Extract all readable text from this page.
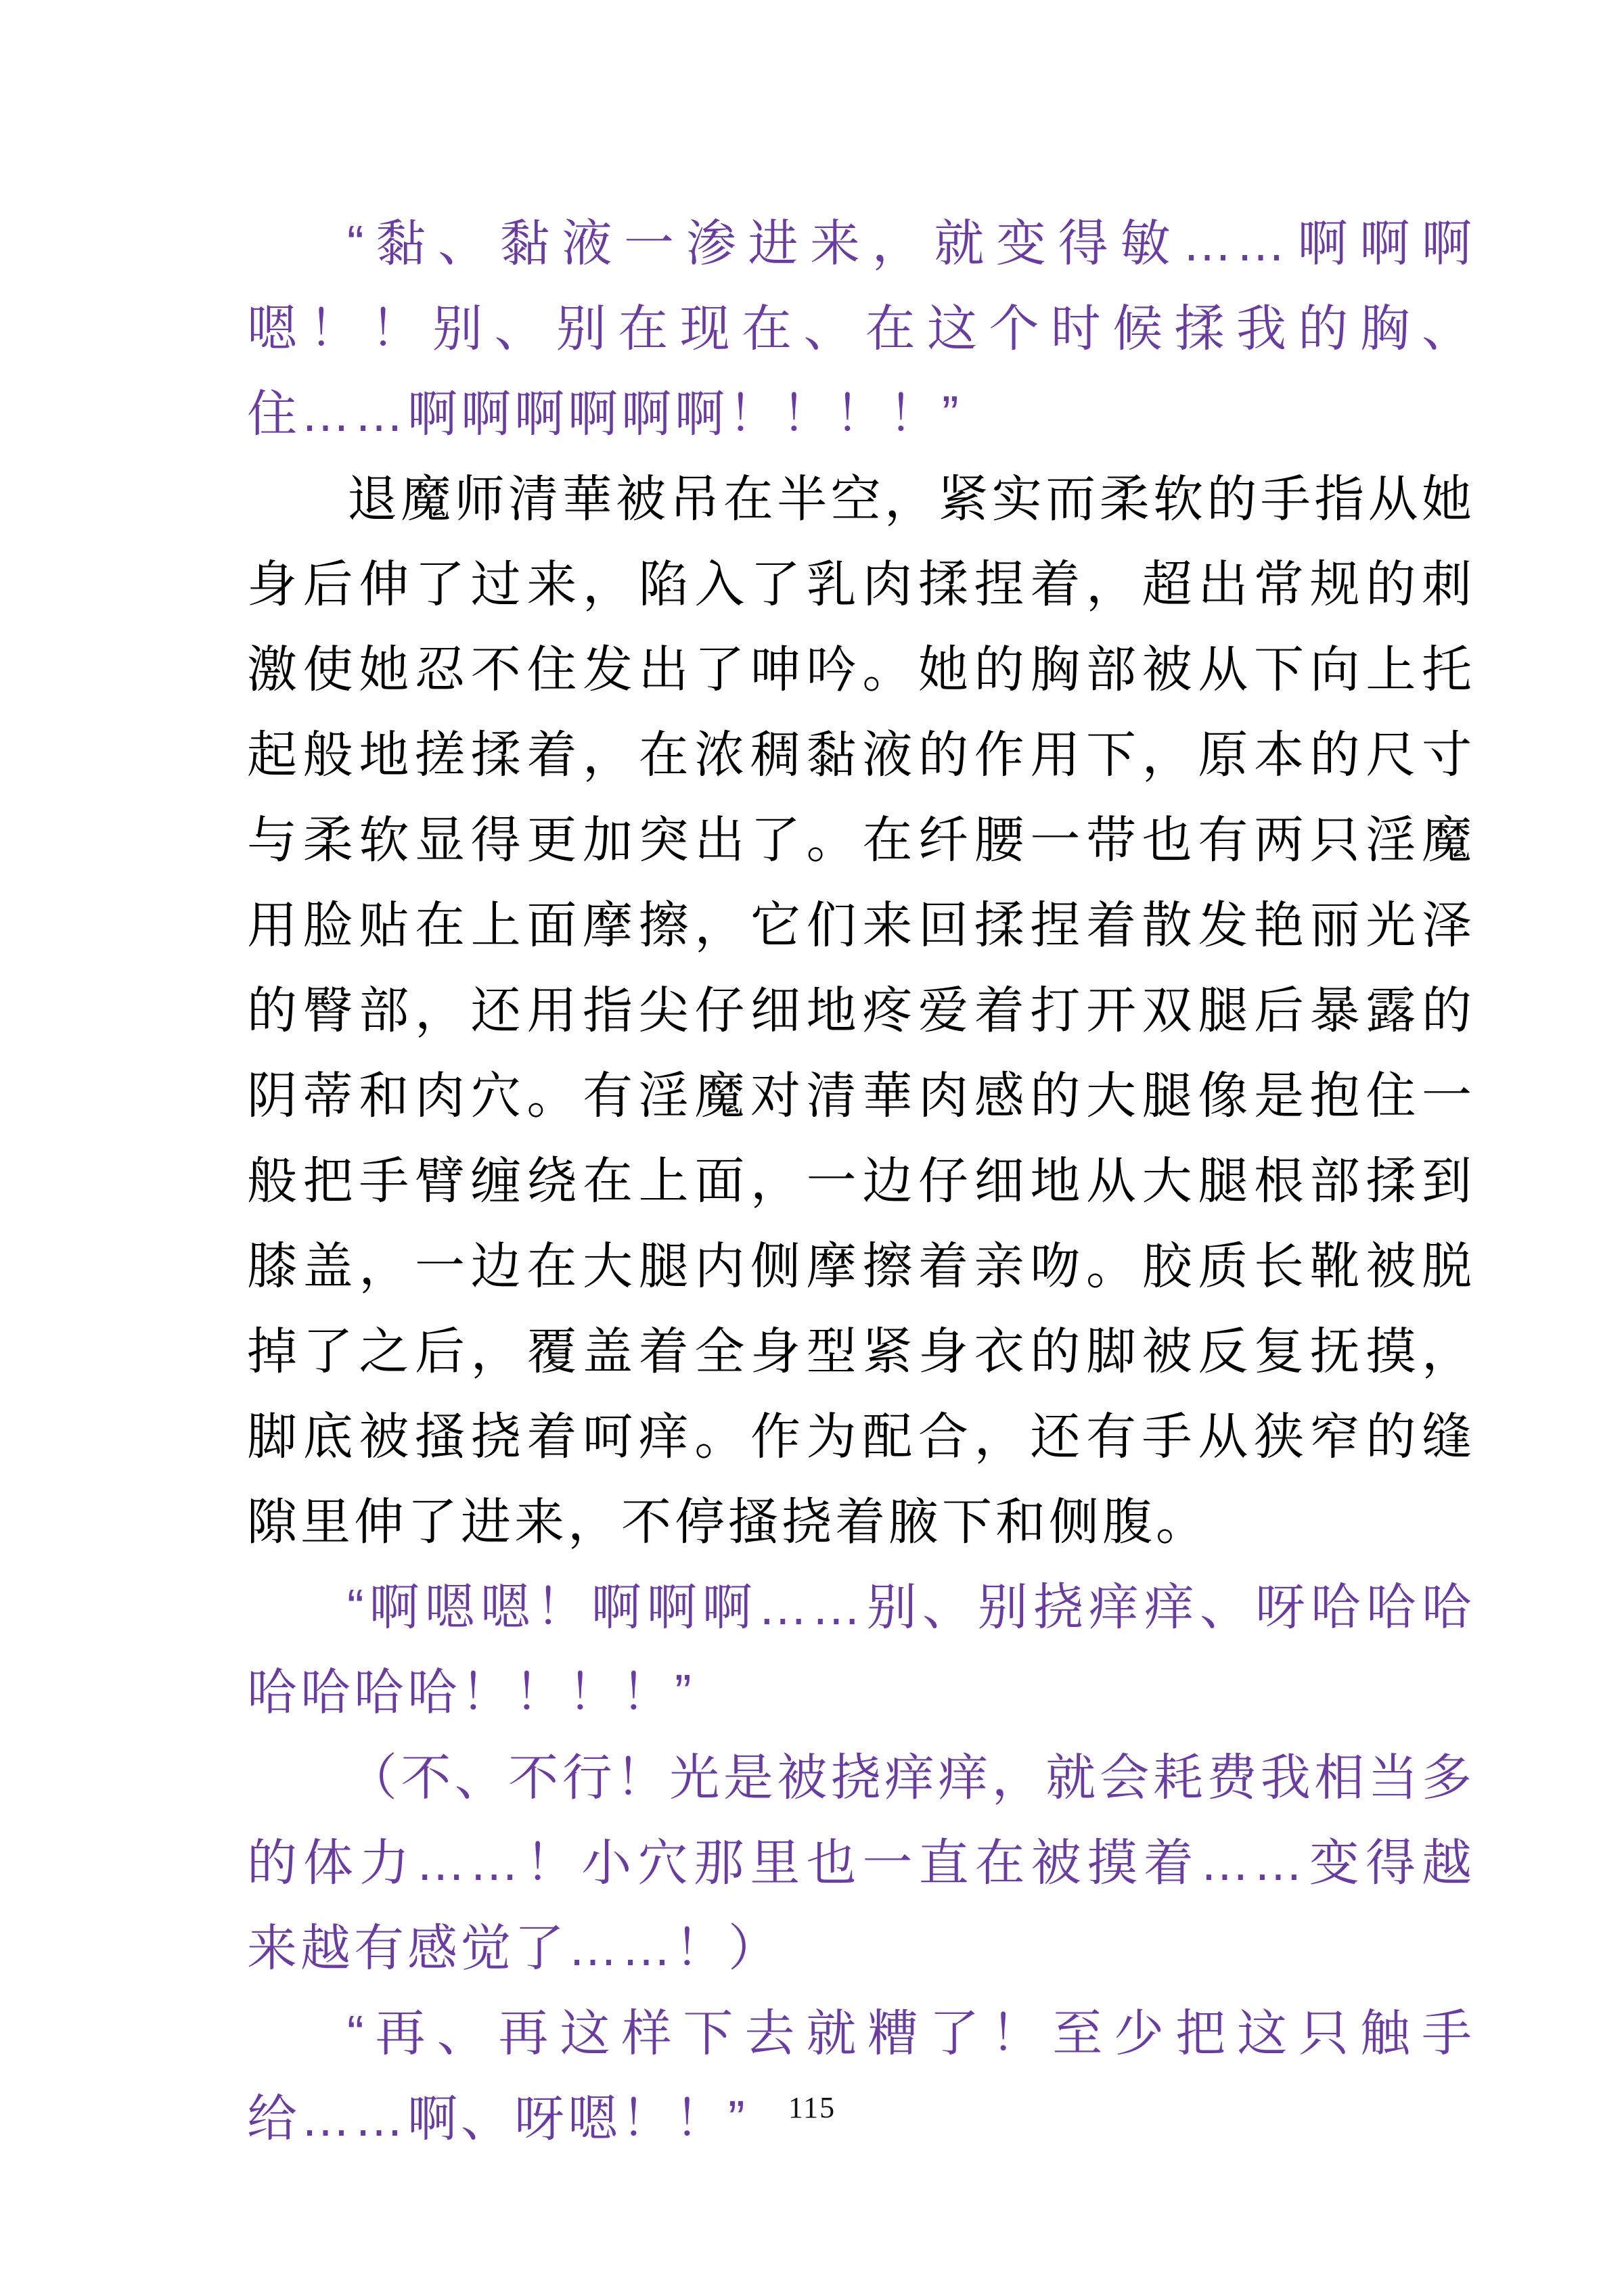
“黏、黏液一渗进来，就变得敏……啊啊啊嗯！！别、别在现在、在这个时候揉我的胸、住……啊啊啊啊啊啊！！！！”

退魔师清華被吊在半空，紧实而柔软的手指从她身后伸了过来，陷入了乳肉揉捏着，超出常规的刺激使她忍不住发出了呻吟。她的胸部被从下向上托起般地搓揉着，在浓稠黏液的作用下，原本的尺寸与柔软显得更加突出了。在纤腰一带也有两只淫魔用脸贴在上面摩擦，它们来回揉捏着散发艳丽光泽的臀部，还用指尖仔细地疼爱着打开双腿后暴露的阴蒂和肉穴。有淫魔对清華肉感的大腿像是抱住一般把手臂缠绕在上面，一边仔细地从大腿根部揉到膝盖，一边在大腿内侧摩擦着亲吻。胶质长靴被脱掉了之后，覆盖着全身型紧身衣的脚被反复抚摸，脚底被搔挠着呵痒。作为配合，还有手从狭窄的缝隙里伸了进来，不停搔挠着腋下和侧腹。

“啊嗯嗯！啊啊啊……别、别挠痒痒、呀哈哈哈哈哈哈哈！！！！”

（不、不行！光是被挠痒痒，就会耗费我相当多的体力……！小穴那里也一直在被摸着……变得越来越有感觉了……！）

“再、再这样下去就糟了！至少把这只触手给……啊、呀嗯！！”	115
